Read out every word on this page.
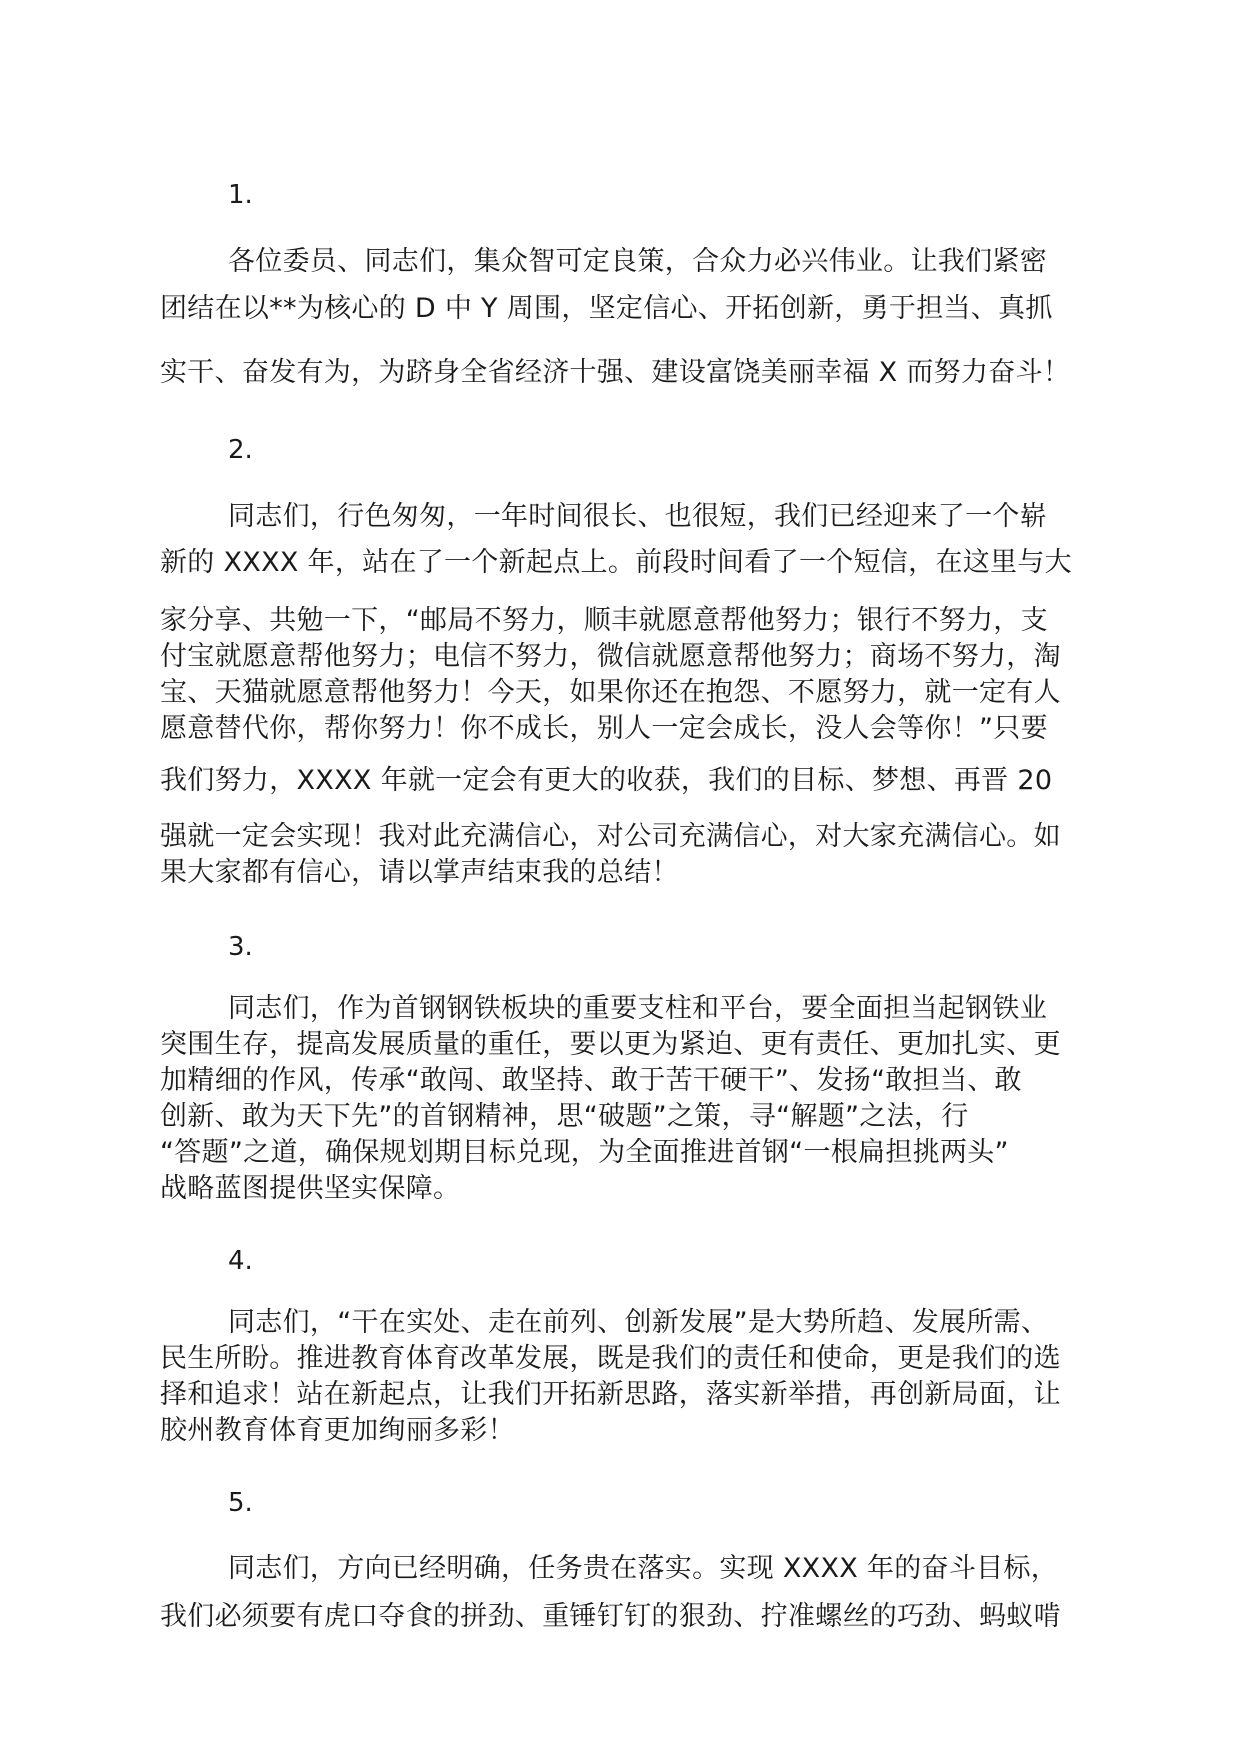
1.

各位委员、同志们，集众智可定良策，合众力必兴伟业。让我们紧密

团结在以**为核心的 D 中 Y 周围，坚定信心、开拓创新，勇于担当、真抓

实干、奋发有为，为跻身全省经济十强、建设富饶美丽幸福 X 而努力奋斗！

2.

同志们，行色匆匆，一年时间很长、也很短，我们已经迎来了一个崭

新的 XXXX 年，站在了一个新起点上。前段时间看了一个短信，在这里与大

家分享、共勉一下，“邮局不努力，顺丰就愿意帮他努力；银行不努力，支

付宝就愿意帮他努力；电信不努力，微信就愿意帮他努力；商场不努力，淘

宝、天猫就愿意帮他努力！今天，如果你还在抱怨、不愿努力，就一定有人

愿意替代你，帮你努力！你不成长，别人一定会成长，没人会等你！”只要

我们努力，XXXX 年就一定会有更大的收获，我们的目标、梦想、再晋 20

强就一定会实现！我对此充满信心，对公司充满信心，对大家充满信心。如

果大家都有信心，请以掌声结束我的总结！

3.

同志们，作为首钢钢铁板块的重要支柱和平台，要全面担当起钢铁业

突围生存，提高发展质量的重任，要以更为紧迫、更有责任、更加扎实、更

加精细的作风，传承“敢闯、敢坚持、敢于苦干硬干”、发扬“敢担当、敢

创新、敢为天下先”的首钢精神，思“破题”之策，寻“解题”之法，行

“答题”之道，确保规划期目标兑现，为全面推进首钢“一根扁担挑两头”

战略蓝图提供坚实保障。

4.

同志们，“干在实处、走在前列、创新发展”是大势所趋、发展所需、

民生所盼。推进教育体育改革发展，既是我们的责任和使命，更是我们的选

择和追求！站在新起点，让我们开拓新思路，落实新举措，再创新局面，让

胶州教育体育更加绚丽多彩！

5.

同志们，方向已经明确，任务贵在落实。实现 XXXX 年的奋斗目标，

我们必须要有虎口夺食的拼劲、重锤钉钉的狠劲、拧准螺丝的巧劲、蚂蚁啃
